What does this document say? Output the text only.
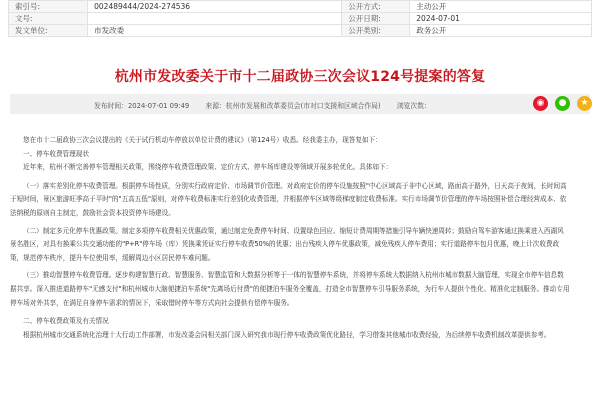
索引号:	002489444/2024-274536	公开方式:	主动公开
文号:		公开日期:	2024-07-01
发文单位:	市发改委	公开类别:	政务公开
杭州市发改委关于市十二届政协三次会议124号提案的答复
发布时间：2024-07-01 09:49 来源：杭州市发展和改革委员会(市对口支援和区域合作局) 浏览次数：	◉	●	★

您在市十二届政协三次会议提出的《关于试行机动车停放以单位计费的建议》（第124号）收悉。经我委主办，现答复如下：

一、停车收费管理现状

近年来，杭州不断完善停车管理相关政策，围绕停车收费管理政策、定价方式、停车场库建设等领域开展多轮优化。具体如下：

（一）落实差别化停车收费管理。根据停车场性质，分别实行政府定价、市场调节价管理。对政府定价的停车设施按照"中心区域高于非中心区域，路面高于路外，日天高于夜间，长时间高于短时间，景区旅游旺季高于平时"的"五高五低"原则，对停车收费标准实行差别化收费管理，并根据停车区域等级梯度制定收费标准。实行市场调节价管理的停车场按照补偿合理经营成本、依法纳税的原则自主制定，鼓励社会资本投资停车场建设。

（二）制定多元化停车优惠政策。制定多项停车收费相关优惠政策，通过制定免费停车时间、设置绿色回应、缩短计费周期等措施引导车辆快速周转；鼓励自驾车游客通过换乘进入西湖风景名胜区，对具有换乘公共交通功能的"P+R"停车场（库）凭换乘凭证实行停车收费50%的优惠；出台残疾人停车优惠政策，减免残疾人停车费用；实行道路停车包月优惠，晚上计次收费政策，规范停车秩序，提升车位使用率，缓解周边小区居民停车难问题。

（三）推动智慧停车收费管理。逐步构建智慧行政、智慧服务、智慧监管和大数据分析等于一体的智慧停车系统，并将停车系统大数据纳入杭州市城市数据大脑管理，实现全市停车信息数据共享。深入推进道路停车"无感支付"和杭州城市大脑便捷泊车系统"先离场后付费"的便捷泊车服务全覆盖，打造全市智慧停车引导服务系统，为行车人提供个性化、精准化定制服务。推动专用停车场对外共享，在满足自身停车需求的情况下，采取错时停车等方式向社会提供有偿停车服务。

二、停车收费政策及有关情况

根据杭州城市交通系统化治理十大行动工作部署，市发改委会同相关部门深入研究我市现行停车收费政策优化路径，学习借鉴其他城市收费经验，为后续停车收费机制改革提供参考。
